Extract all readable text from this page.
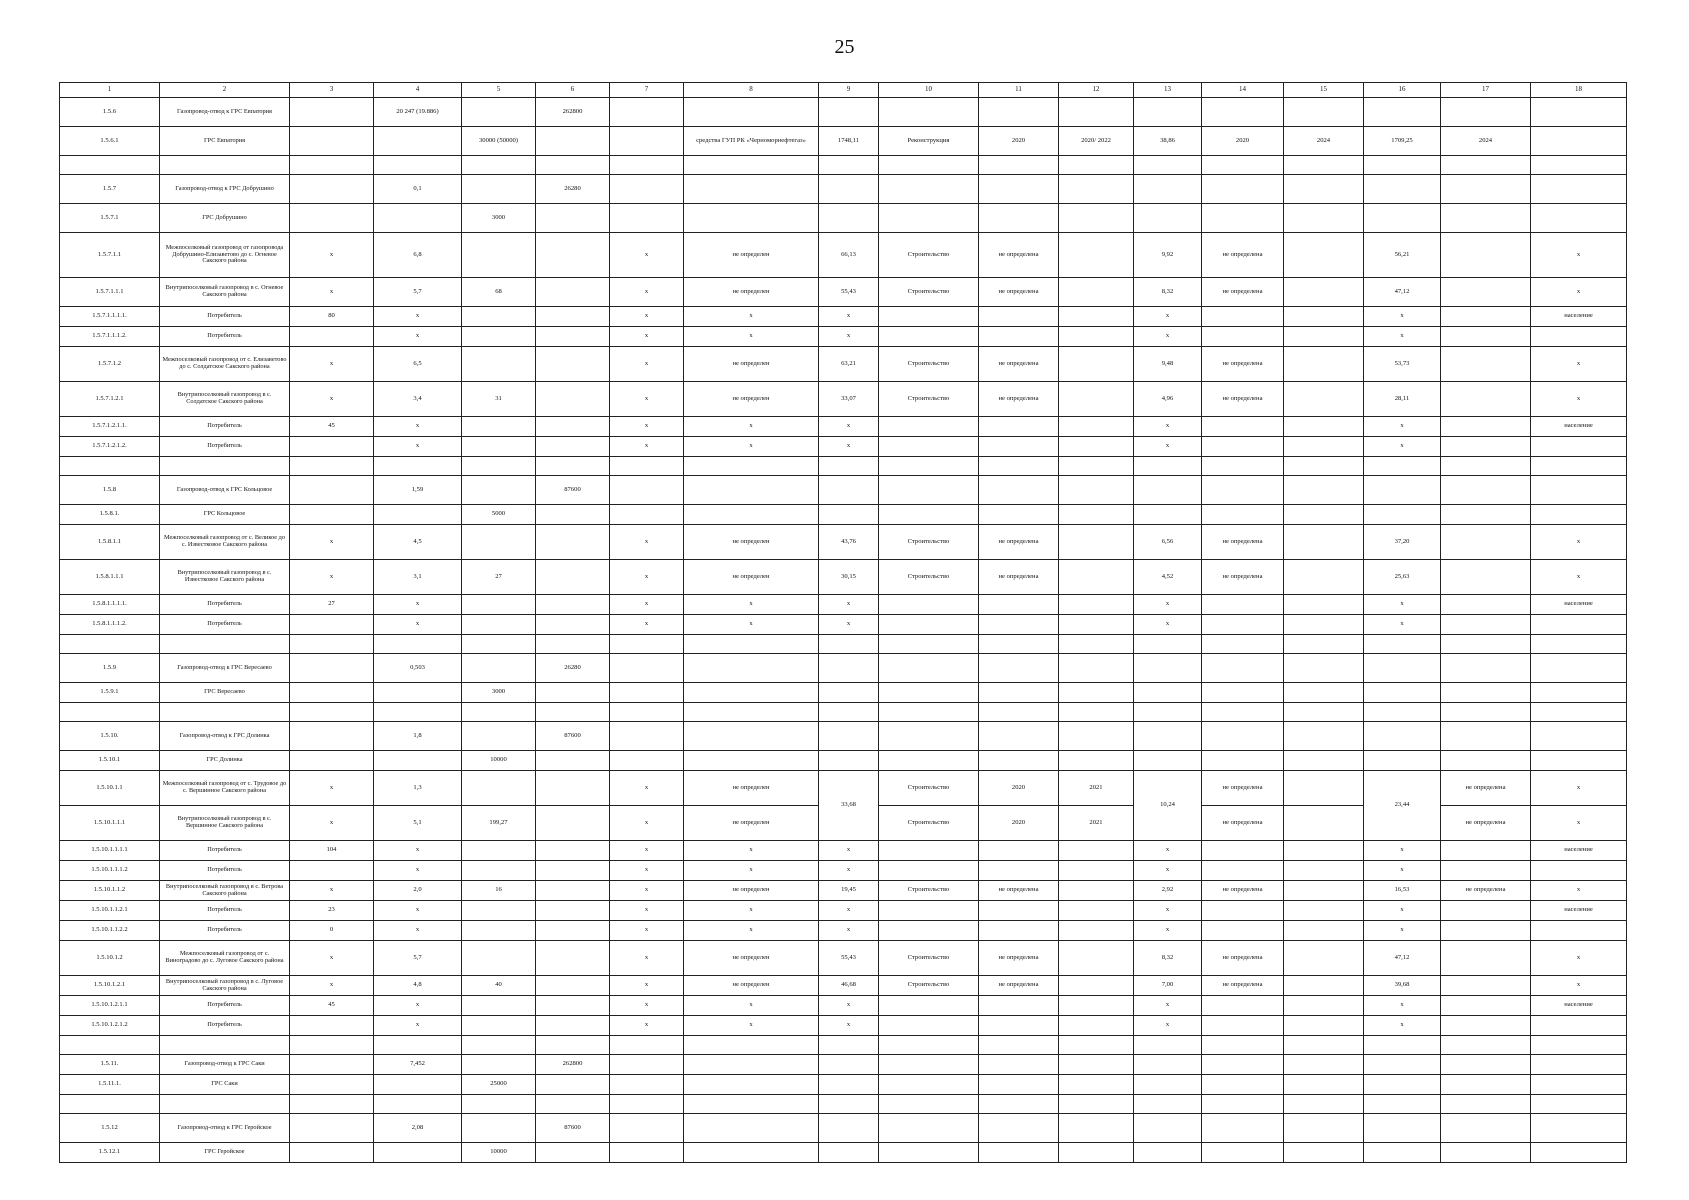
25
1	2	3	4	5	6	7	8	9	10	11	12	13	14	15	16	17	18
1.5.6	Газопровод-отвод к ГРС Евпатория		20 247 (19.886)		262800												
1.5.6.1	ГРС Евпатория			30000 (50000)			средства ГУП РК «Черноморнефтегаз»	1748,11	Реконструкция	2020	2020/ 2022	38,86	2020	2024	1709,25	2024	

1.5.7	Газопровод-отвод к ГРС Добрушино		0,1		26280												
1.5.7.1	ГРС Добрушино			3000													
1.5.7.1.1	Межпоселковый газопровод от газопровода Добрушино-Елизаветово до с. Огневое Сакского района	x	6,8			x	не определен	66,13	Строительство	не определена		9,92	не определена		56,21		x
1.5.7.1.1.1	Внутрипоселковый газопровод в с. Огневое Сакского района	x	5,7	68		x	не определен	55,43	Строительство	не определена		8,32	не определена		47,12		x
1.5.7.1.1.1.1.	Потребитель	80	x			x	x	x				x			x		население
1.5.7.1.1.1.2.	Потребитель		x			x	x	x				x			x		
1.5.7.1.2	Межпоселковый газопровод от с. Елизаветово до с. Солдатское Сакского района	x	6,5			x	не определен	63,21	Строительство	не определена		9,48	не определена		53,73		x
1.5.7.1.2.1	Внутрипоселковый газопровод в с. Солдатское Сакского района	x	3,4	31		x	не определен	33,07	Строительство	не определена		4,96	не определена		28,11		x
1.5.7.1.2.1.1.	Потребитель	45	x			x	x	x				x			x		население
1.5.7.1.2.1.2.	Потребитель		x			x	x	x				x			x		

1.5.8	Газопровод-отвод к ГРС Кольцовое		1,59		87600												
1.5.8.1.	ГРС Кольцовое			5000													
1.5.8.1.1	Межпоселковый газопровод от с. Великое до с. Известковое Сакского района	x	4,5			x	не определен	43,76	Строительство	не определена		6,56	не определена		37,20		x
1.5.8.1.1.1	Внутрипоселковый газопровод в с. Известковое Сакского района	x	3,1	27		x	не определен	30,15	Строительство	не определена		4,52	не определена		25,63		x
1.5.8.1.1.1.1.	Потребитель	27	x			x	x	x				x			x		население
1.5.8.1.1.1.2.	Потребитель		x			x	x	x				x			x		

1.5.9	Газопровод-отвод к ГРС Вересаево		0,503		26280												
1.5.9.1	ГРС Вересаево			3000													

1.5.10.	Газопровод-отвод к ГРС Долинка		1,8		87600												
1.5.10.1	ГРС Долинка			10000													
1.5.10.1.1	Межпоселковый газопровод от с. Трудовое до с. Вершинное Сакского района	x	1,3			x	не определен	33,68	Строительство	2020	2021	10,24	не определена		23,44	не определена	x
1.5.10.1.1.1	Внутрипоселковый газопровод в с. Вершинное Сакского района	x	5,1	199,27		x	не определен		Строительство	2020	2021		не определена			не определена	x
1.5.10.1.1.1.1	Потребитель	104	x			x	x	x				x			x		население
1.5.10.1.1.1.2	Потребитель		x			x	x	x				x			x		
1.5.10.1.1.2	Внутрипоселковый газопровод в с. Ветрова Сакского района	x	2,0	16		x	не определен	19,45	Строительство	не определена		2,92	не определена		16,53	не определена	x
1.5.10.1.1.2.1	Потребитель	23	x			x	x	x				x			x		население
1.5.10.1.1.2.2	Потребитель	0	x			x	x	x				x			x		
1.5.10.1.2	Межпоселковый газопровод от с. Виноградово до с. Луговое Сакского района	x	5,7			x	не определен	55,43	Строительство	не определена		8,32	не определена		47,12		x
1.5.10.1.2.1	Внутрипоселковый газопровод в с. Луговое Сакского района	x	4,8	40		x	не определен	46,68	Строительство	не определена		7,00	не определена		39,68		x
1.5.10.1.2.1.1	Потребитель	45	x			x	x	x				x			x		население
1.5.10.1.2.1.2	Потребитель		x			x	x	x				x			x		

1.5.11.	Газопровод-отвод к ГРС Саки		7,452		262800												
1.5.11.1.	ГРС Саки			25000													

1.5.12	Газопровод-отвод к ГРС Геройское		2,08		87600												
1.5.12.1	ГРС Геройское			10000													
